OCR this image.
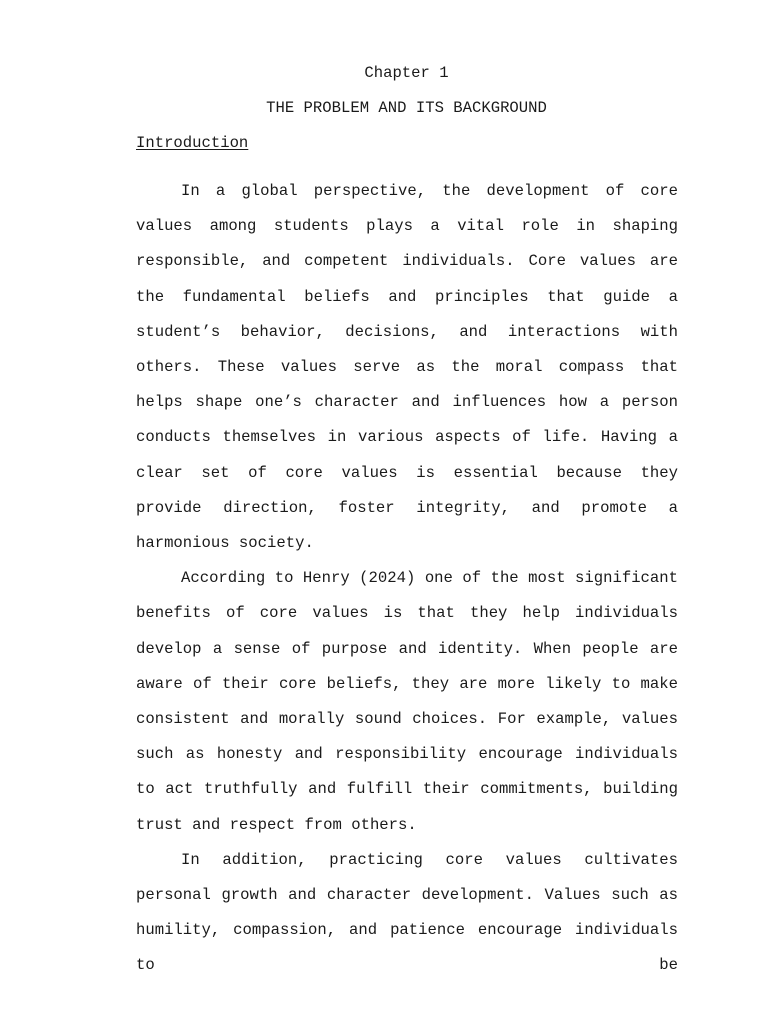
Chapter 1
THE PROBLEM AND ITS BACKGROUND
Introduction

In a global perspective, the development of core values among students plays a vital role in shaping responsible, and competent individuals. Core values are the fundamental beliefs and principles that guide a student’s behavior, decisions, and interactions with others. These values serve as the moral compass that helps shape one’s character and influences how a person conducts themselves in various aspects of life. Having a clear set of core values is essential because they provide direction, foster integrity, and promote a harmonious society.

According to Henry (2024) one of the most significant benefits of core values is that they help individuals develop a sense of purpose and identity. When people are aware of their core beliefs, they are more likely to make consistent and morally sound choices. For example, values such as honesty and responsibility encourage individuals to act truthfully and fulfill their commitments, building trust and respect from others.

In addition, practicing core values cultivates personal growth and character development. Values such as humility, compassion, and patience encourage individuals to be
